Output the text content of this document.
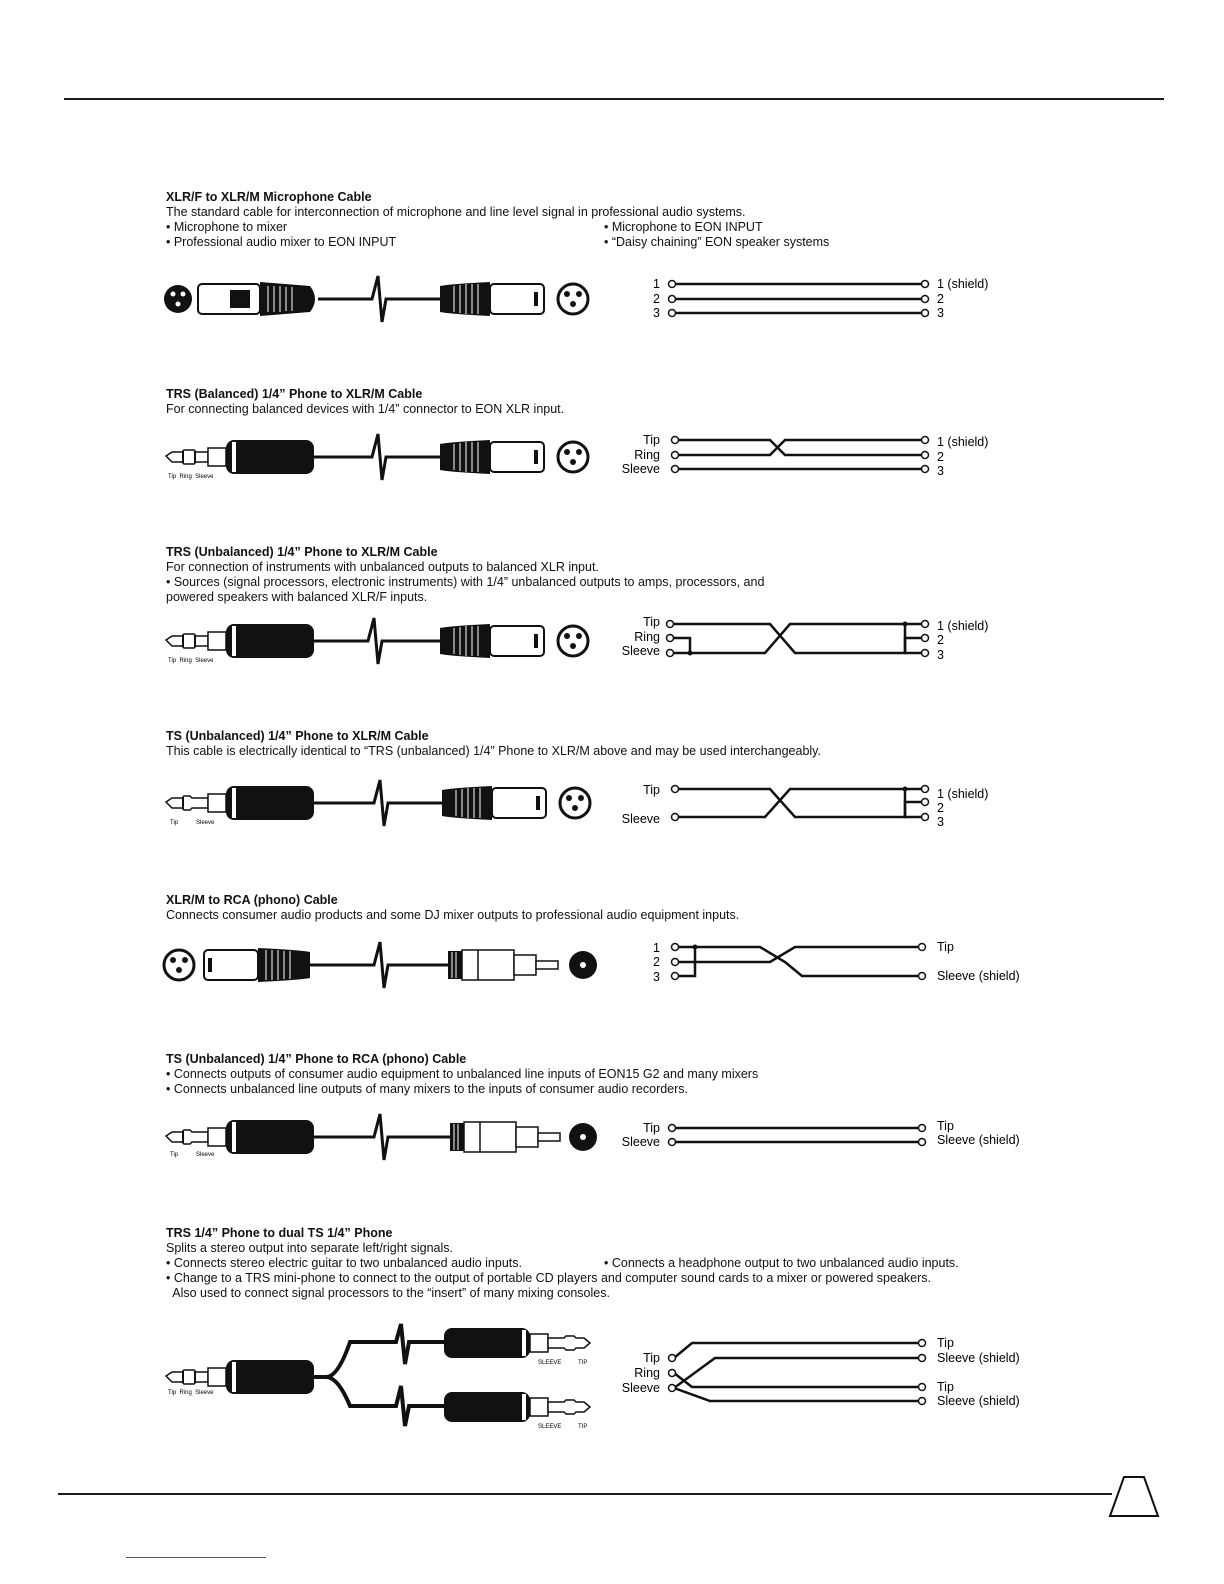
XLR/F to XLR/M Microphone Cable

The standard cable for interconnection of microphone and line level signal in professional audio systems.

• Microphone to mixer
• Professional audio mixer to EON INPUT
• Microphone to EON INPUT
• “Daisy chaining” EON speaker systems
1
2
3
1 (shield)
2
3

TRS (Balanced) 1/4” Phone to XLR/M Cable

For connecting balanced devices with 1/4” connector to EON XLR input.

Tip  Ring  Sleeve
Tip
Ring
Sleeve
1 (shield)
2
3

TRS (Unbalanced) 1/4” Phone to XLR/M Cable

For connection of instruments with unbalanced outputs to balanced XLR input.

• Sources (signal processors, electronic instruments) with 1/4” unbalanced outputs to amps, processors, and

powered speakers with balanced XLR/F inputs.

Tip  Ring  Sleeve
Tip
Ring
Sleeve
1 (shield)
2
3

TS (Unbalanced) 1/4” Phone to XLR/M Cable

This cable is electrically identical to “TRS (unbalanced) 1/4” Phone to XLR/M above and may be used interchangeably.

Tip	Sleeve
Tip
Sleeve
1 (shield)
2
3

XLR/M to RCA (phono) Cable

Connects consumer audio products and some DJ mixer outputs to professional audio equipment inputs.

1
2
3
Tip
Sleeve (shield)

TS (Unbalanced) 1/4” Phone to RCA (phono) Cable

• Connects outputs of consumer audio equipment to unbalanced line inputs of EON15 G2 and many mixers

• Connects unbalanced line outputs of many mixers to the inputs of consumer audio recorders.

Tip	Sleeve
Tip
Sleeve
Tip
Sleeve (shield)

TRS 1/4” Phone to dual TS 1/4” Phone

Splits a stereo output into separate left/right signals.

• Connects stereo electric guitar to two unbalanced audio inputs.	• Connects a headphone output to two unbalanced audio inputs.

• Change to a TRS mini-phone to connect to the output of portable CD players and computer sound cards to a mixer or powered speakers.

Also used to connect signal processors to the “insert” of many mixing consoles.

Tip  Ring  Sleeve
SLEEVE	TIP
SLEEVE	TIP
Tip
Ring
Sleeve
Tip
Sleeve (shield)
Tip
Sleeve (shield)
